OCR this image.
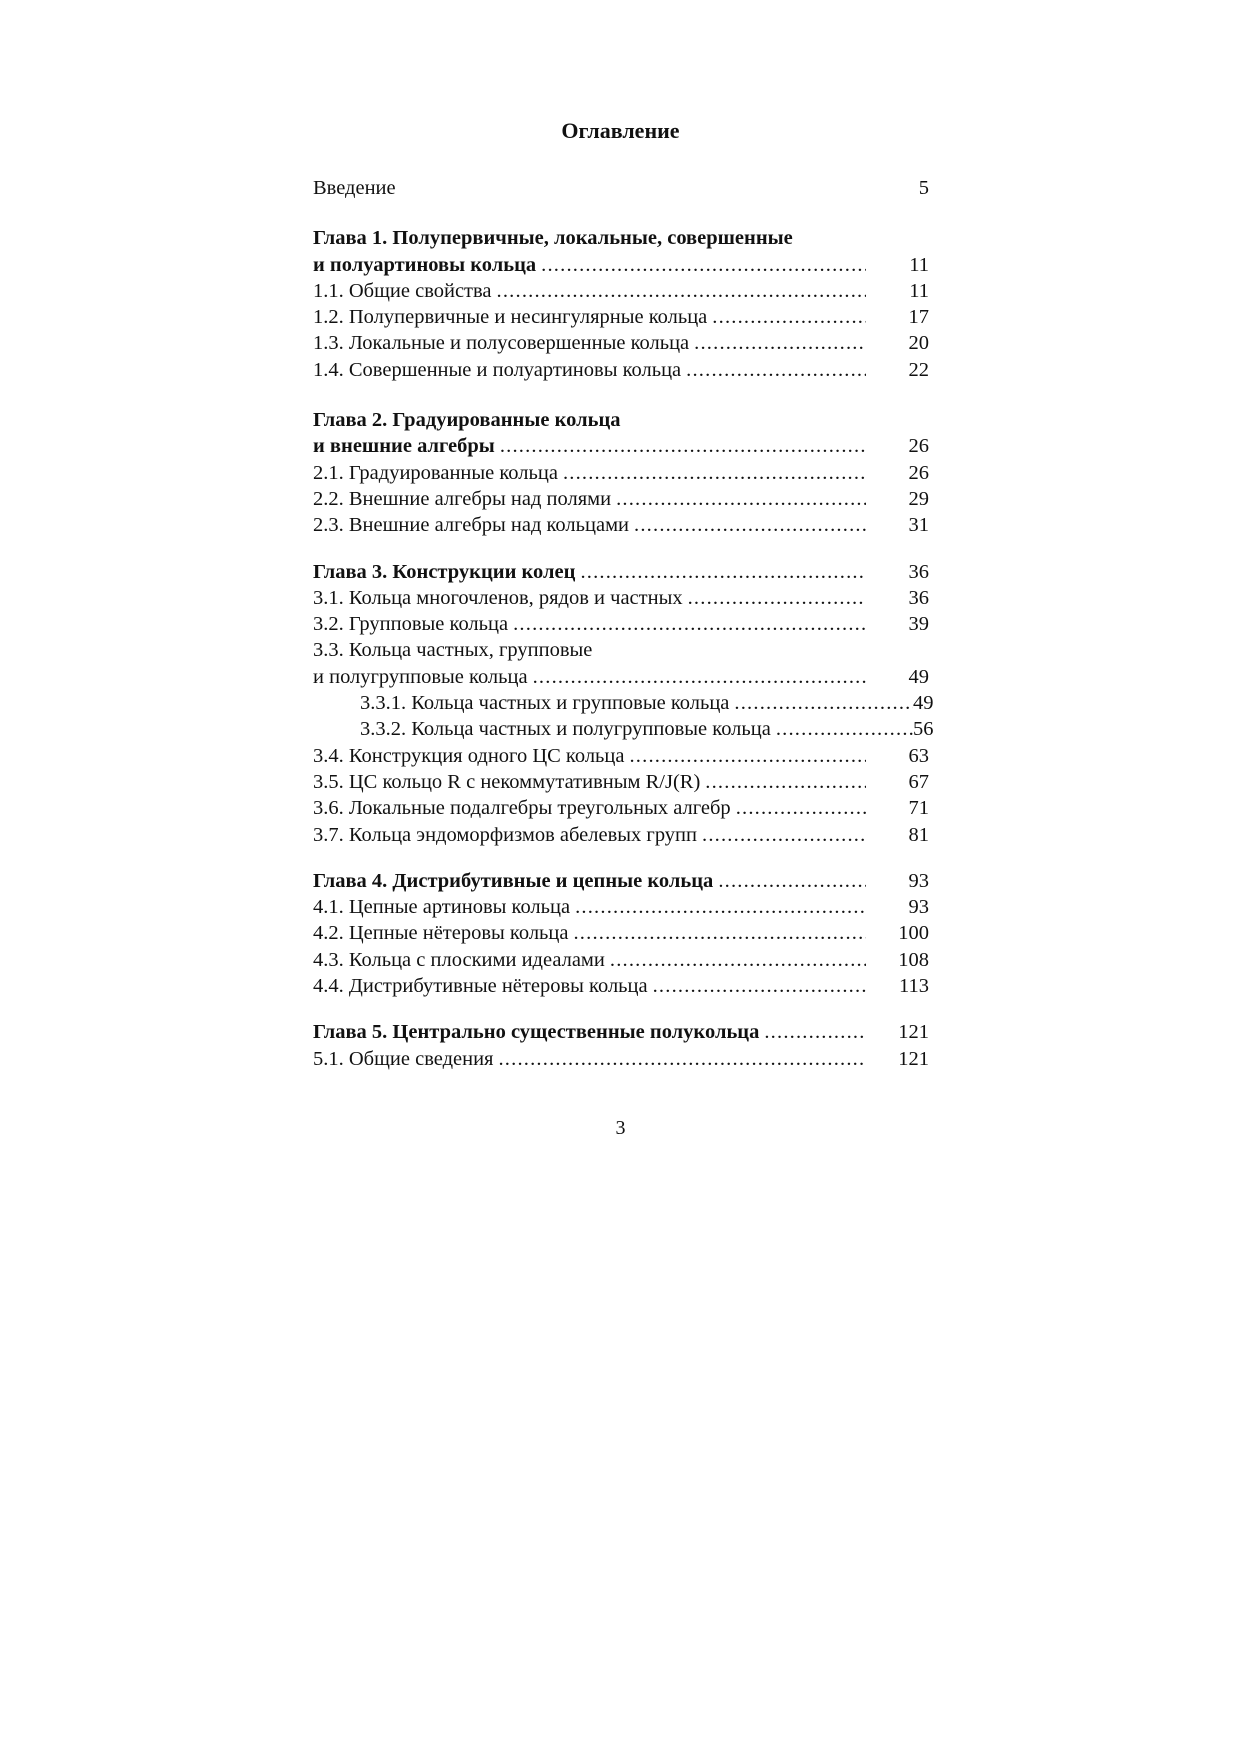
Оглавление
Введение	5
Глава 1. Полупервичные, локальные, совершенные
и полуартиновы кольца .....	11
1.1. Общие свойства .....	11
1.2. Полупервичные и несингулярные кольца .....	17
1.3. Локальные и полусовершенные кольца .....	20
1.4. Совершенные и полуартиновы кольца .....	22
Глава 2. Градуированные кольца
и внешние алгебры .....	26
2.1. Градуированные кольца .....	26
2.2. Внешние алгебры над полями .....	29
2.3. Внешние алгебры над кольцами .....	31
Глава 3. Конструкции колец .....	36
3.1. Кольца многочленов, рядов и частных .....	36
3.2. Групповые кольца .....	39
3.3. Кольца частных, групповые
и полугрупповые кольца .....	49
3.3.1. Кольца частных и групповые кольца .....	49
3.3.2. Кольца частных и полугрупповые кольца .....	56
3.4. Конструкция одного ЦС кольца .....	63
3.5. ЦС кольцо R с некоммутативным R/J(R) .....	67
3.6. Локальные подалгебры треугольных алгебр .....	71
3.7. Кольца эндоморфизмов абелевых групп .....	81
Глава 4. Дистрибутивные и цепные кольца .....	93
4.1. Цепные артиновы кольца .....	93
4.2. Цепные нётеровы кольца .....	100
4.3. Кольца с плоскими идеалами .....	108
4.4. Дистрибутивные нётеровы кольца .....	113
Глава 5. Центрально существенные полукольца .....	121
5.1. Общие сведения .....	121
3
